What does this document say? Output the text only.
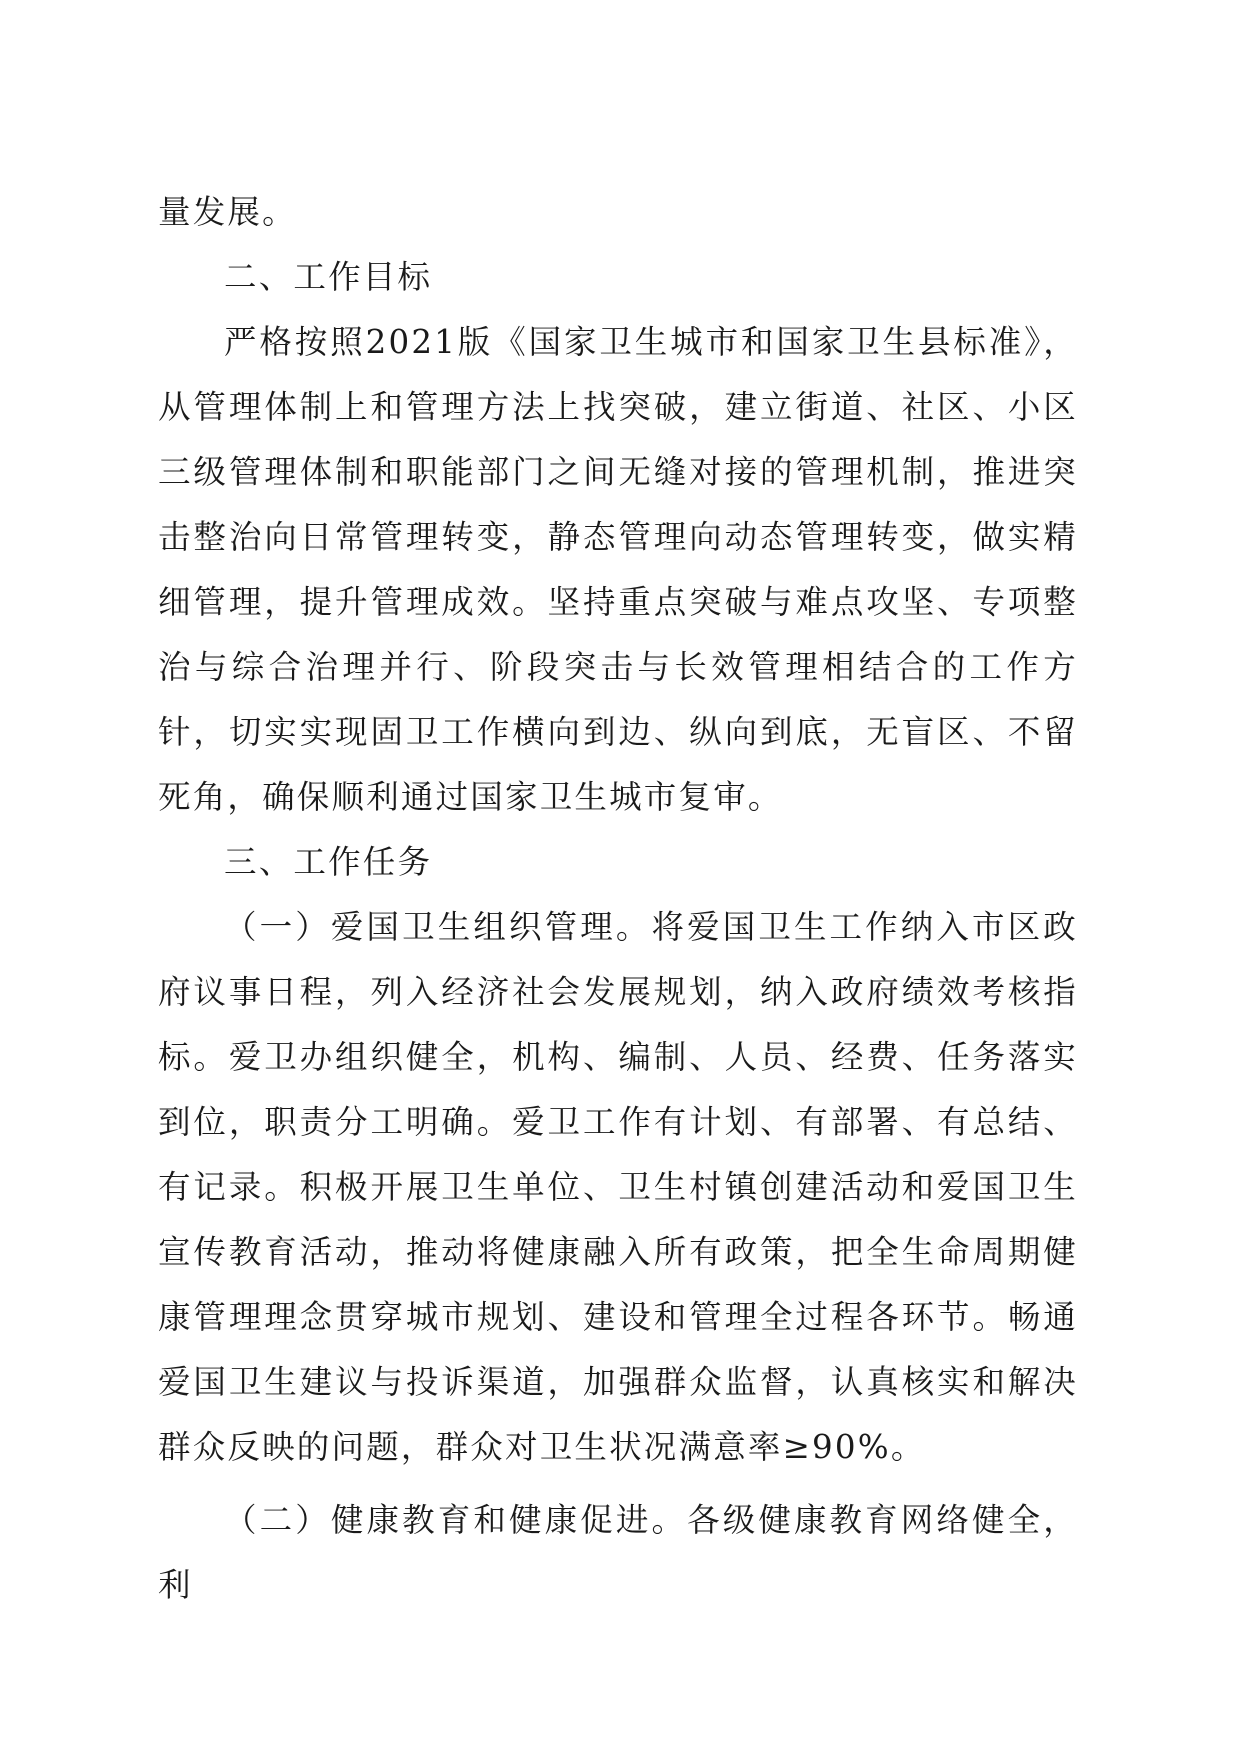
量发展。

二、工作目标

严格按照2021版《国家卫生城市和国家卫生县标准》，从管理体制上和管理方法上找突破，建立街道、社区、小区三级管理体制和职能部门之间无缝对接的管理机制，推进突击整治向日常管理转变，静态管理向动态管理转变，做实精细管理，提升管理成效。坚持重点突破与难点攻坚、专项整治与综合治理并行、阶段突击与长效管理相结合的工作方针，切实实现固卫工作横向到边、纵向到底，无盲区、不留死角，确保顺利通过国家卫生城市复审。

三、工作任务

（一）爱国卫生组织管理。将爱国卫生工作纳入市区政府议事日程，列入经济社会发展规划，纳入政府绩效考核指标。爱卫办组织健全，机构、编制、人员、经费、任务落实到位，职责分工明确。爱卫工作有计划、有部署、有总结、有记录。积极开展卫生单位、卫生村镇创建活动和爱国卫生宣传教育活动，推动将健康融入所有政策，把全生命周期健康管理理念贯穿城市规划、建设和管理全过程各环节。畅通爱国卫生建议与投诉渠道，加强群众监督，认真核实和解决群众反映的问题，群众对卫生状况满意率≥90%。

（二）健康教育和健康促进。各级健康教育网络健全，利
